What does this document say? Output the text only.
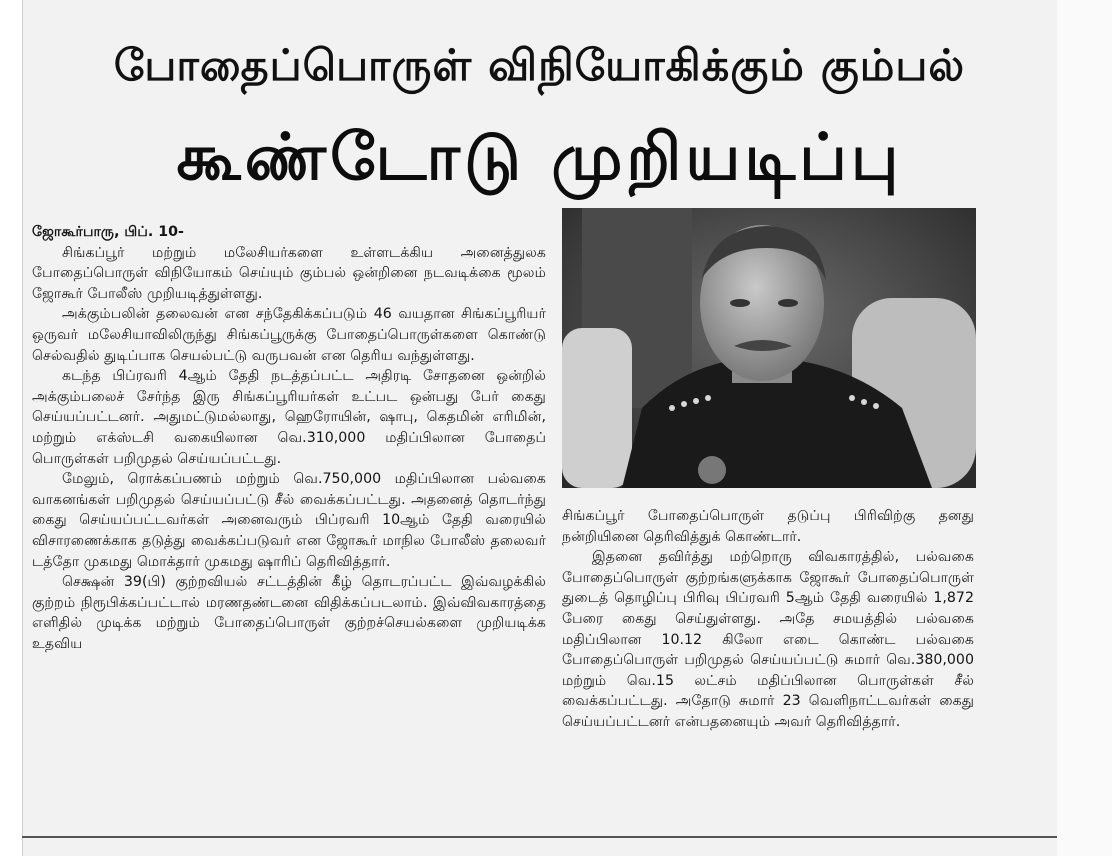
போதைப்பொருள் விநியோகிக்கும் கும்பல்
கூண்டோடு முறியடிப்பு

ஜோகூர்பாரு, பிப். 10-

சிங்கப்பூர் மற்றும் மலேசியர்களை உள்ளடக்கிய அனைத்துலக போதைப்பொருள் விநியோகம் செய்யும் கும்பல் ஒன்றினை நடவடிக்கை மூலம் ஜோகூர் போலீஸ் முறியடித்துள்ளது.

அக்கும்பலின் தலைவன் என சந்தேகிக்கப்படும் 46 வயதான சிங்கப்பூரியர் ஒருவர் மலேசியாவிலிருந்து சிங்கப்பூருக்கு போதைப்பொருள்களை கொண்டு செல்வதில் துடிப்பாக செயல்பட்டு வருபவன் என தெரிய வந்துள்ளது.

கடந்த பிப்ரவரி 4ஆம் தேதி நடத்தப்பட்ட அதிரடி சோதனை ஒன்றில் அக்கும்பலைச் சேர்ந்த இரு சிங்கப்பூரியர்கள் உட்பட ஒன்பது பேர் கைது செய்யப்பட்டனர். அதுமட்டுமல்லாது, ஹெரோயின், ஷாபு, கெதமின் எரிமின், மற்றும் எக்ஸ்டசி வகையிலான வெ.310,000 மதிப்பிலான போதைப் பொருள்கள் பறிமுதல் செய்யப்பட்டது.

மேலும், ரொக்கப்பணம் மற்றும் வெ.750,000 மதிப்பிலான பல்வகை வாகனங்கள் பறிமுதல் செய்யப்பட்டு சீல் வைக்கப்பட்டது. அதனைத் தொடர்ந்து கைது செய்யப்பட்டவர்கள் அனைவரும் பிப்ரவரி 10ஆம் தேதி வரையில் விசாரணைக்காக தடுத்து வைக்கப்படுவர் என ஜோகூர் மாநில போலீஸ் தலைவர் டத்தோ முகமது மொக்தார் முகமது ஷாரிப் தெரிவித்தார்.

செக்ஷன் 39(பி) குற்றவியல் சட்டத்தின் கீழ் தொடரப்பட்ட இவ்வழக்கில் குற்றம் நிரூபிக்கப்பட்டால் மரணதண்டனை விதிக்கப்படலாம். இவ்விவகாரத்தை எளிதில் முடிக்க மற்றும் போதைப்பொருள் குற்றச்செயல்களை முறியடிக்க உதவிய

சிங்கப்பூர் போதைப்பொருள் தடுப்பு பிரிவிற்கு தனது நன்றியினை தெரிவித்துக் கொண்டார்.

இதனை தவிர்த்து மற்றொரு விவகாரத்தில், பல்வகை போதைப்பொருள் குற்றங்களுக்காக ஜோகூர் போதைப்பொருள் துடைத் தொழிப்பு பிரிவு பிப்ரவரி 5ஆம் தேதி வரையில் 1,872 பேரை கைது செய்துள்ளது. அதே சமயத்தில் பல்வகை மதிப்பிலான 10.12 கிலோ எடை கொண்ட பல்வகை போதைப்பொருள் பறிமுதல் செய்யப்பட்டு சுமார் வெ.380,000 மற்றும் வெ.15 லட்சம் மதிப்பிலான பொருள்கள் சீல் வைக்கப்பட்டது. அதோடு சுமார் 23 வெளிநாட்டவர்கள் கைது செய்யப்பட்டனர் என்பதனையும் அவர் தெரிவித்தார்.
